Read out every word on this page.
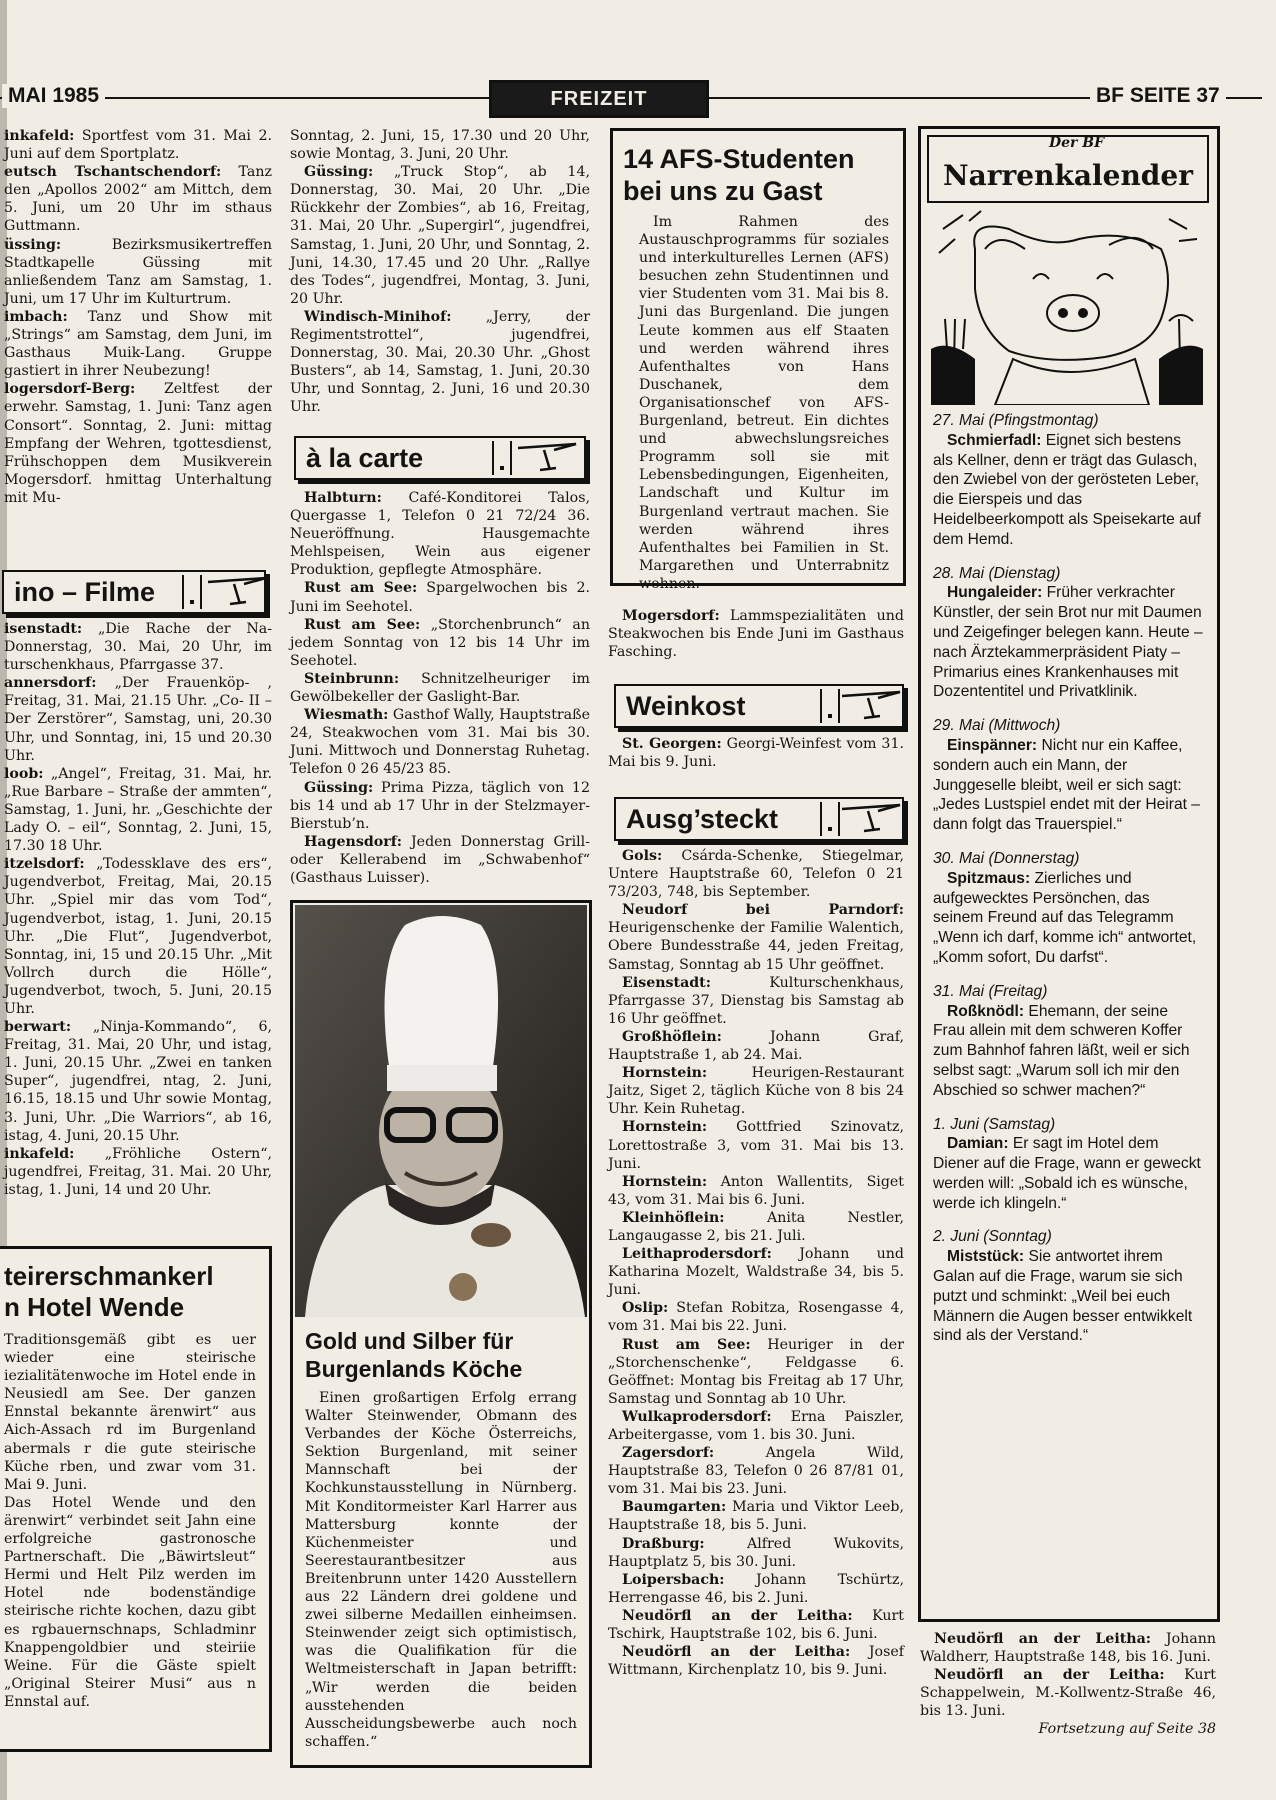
MAI 1985	FREIZEIT	BF SEITE 37

inkafeld: Sportfest vom 31. Mai 2. Juni auf dem Sportplatz.

eutsch Tschantschendorf: Tanz den „Apollos 2002“ am Mittch, dem 5. Juni, um 20 Uhr im sthaus Guttmann.

üssing: Bezirksmusikertreffen Stadtkapelle Güssing mit anließendem Tanz am Samstag, 1. Juni, um 17 Uhr im Kulturtrum.

imbach: Tanz und Show mit „Strings“ am Samstag, dem Juni, im Gasthaus Muik-Lang. Gruppe gastiert in ihrer Neubezung!

logersdorf-Berg: Zeltfest der erwehr. Samstag, 1. Juni: Tanz agen Consort“. Sonntag, 2. Juni: mittag Empfang der Wehren, tgottesdienst, Frühschoppen dem Musikverein Mogersdorf. hmittag Unterhaltung mit Mu-

ino – Filme

isenstadt: „Die Rache der Na- Donnerstag, 30. Mai, 20 Uhr, im turschenkhaus, Pfarrgasse 37.

annersdorf: „Der Frauenköp- , Freitag, 31. Mai, 21.15 Uhr. „Co- II – Der Zerstörer“, Samstag, uni, 20.30 Uhr, und Sonntag, ini, 15 und 20.30 Uhr.

loob: „Angel“, Freitag, 31. Mai, hr. „Rue Barbare – Straße der ammten“, Samstag, 1. Juni, hr. „Geschichte der Lady O. – eil“, Sonntag, 2. Juni, 15, 17.30 18 Uhr.

itzelsdorf: „Todessklave des ers“, Jugendverbot, Freitag, Mai, 20.15 Uhr. „Spiel mir das vom Tod“, Jugendverbot, istag, 1. Juni, 20.15 Uhr. „Die Flut“, Jugendverbot, Sonntag, ini, 15 und 20.15 Uhr. „Mit Vollrch durch die Hölle“, Jugendverbot, twoch, 5. Juni, 20.15 Uhr.

berwart: „Ninja-Kommando“, 6, Freitag, 31. Mai, 20 Uhr, und istag, 1. Juni, 20.15 Uhr. „Zwei en tanken Super“, jugendfrei, ntag, 2. Juni, 16.15, 18.15 und Uhr sowie Montag, 3. Juni, Uhr. „Die Warriors“, ab 16, istag, 4. Juni, 20.15 Uhr.

inkafeld: „Fröhliche Ostern“, jugendfrei, Freitag, 31. Mai. 20 Uhr, istag, 1. Juni, 14 und 20 Uhr.

teirerschmankerl
n Hotel Wende

Traditionsgemäß gibt es uer wieder eine steirische iezialitätenwoche im Hotel ende in Neusiedl am See. Der ganzen Ennstal bekannte ärenwirt“ aus Aich-Assach rd im Burgenland abermals r die gute steirische Küche rben, und zwar vom 31. Mai 9. Juni.

Das Hotel Wende und den ärenwirt“ verbindet seit Jahn eine erfolgreiche gastronosche Partnerschaft. Die „Bäwirtsleut“ Hermi und Helt Pilz werden im Hotel nde bodenständige steirische richte kochen, dazu gibt es rgbauernschnaps, Schladminr Knappengoldbier und steiriie Weine. Für die Gäste spielt „Original Steirer Musi“ aus n Ennstal auf.

Sonntag, 2. Juni, 15, 17.30 und 20 Uhr, sowie Montag, 3. Juni, 20 Uhr.

Güssing: „Truck Stop“, ab 14, Donnerstag, 30. Mai, 20 Uhr. „Die Rückkehr der Zombies“, ab 16, Freitag, 31. Mai, 20 Uhr. „Supergirl“, jugendfrei, Samstag, 1. Juni, 20 Uhr, und Sonntag, 2. Juni, 14.30, 17.45 und 20 Uhr. „Rallye des Todes“, jugendfrei, Montag, 3. Juni, 20 Uhr.

Windisch-Minihof: „Jerry, der Regimentstrottel“, jugendfrei, Donnerstag, 30. Mai, 20.30 Uhr. „Ghost Busters“, ab 14, Samstag, 1. Juni, 20.30 Uhr, und Sonntag, 2. Juni, 16 und 20.30 Uhr.

à la carte

Halbturn: Café-Konditorei Talos, Quergasse 1, Telefon 0 21 72/24 36. Neueröffnung. Hausgemachte Mehlspeisen, Wein aus eigener Produktion, gepflegte Atmosphäre.

Rust am See: Spargelwochen bis 2. Juni im Seehotel.

Rust am See: „Storchenbrunch“ an jedem Sonntag von 12 bis 14 Uhr im Seehotel.

Steinbrunn: Schnitzelheuriger im Gewölbekeller der Gaslight-Bar.

Wiesmath: Gasthof Wally, Hauptstraße 24, Steakwochen vom 31. Mai bis 30. Juni. Mittwoch und Donnerstag Ruhetag. Telefon 0 26 45/23 85.

Güssing: Prima Pizza, täglich von 12 bis 14 und ab 17 Uhr in der Stelzmayer-Bierstub’n.

Hagensdorf: Jeden Donnerstag Grill- oder Kellerabend im „Schwabenhof“ (Gasthaus Luisser).

Gold und Silber für
Burgenlands Köche

Einen großartigen Erfolg errang Walter Steinwender, Obmann des Verbandes der Köche Österreichs, Sektion Burgenland, mit seiner Mannschaft bei der Kochkunstausstellung in Nürnberg. Mit Konditormeister Karl Harrer aus Mattersburg konnte der Küchenmeister und Seerestaurantbesitzer aus Breitenbrunn unter 1420 Ausstellern aus 22 Ländern drei goldene und zwei silberne Medaillen einheimsen. Steinwender zeigt sich optimistisch, was die Qualifikation für die Weltmeisterschaft in Japan betrifft: „Wir werden die beiden ausstehenden Ausscheidungsbewerbe auch noch schaffen.“

14 AFS-Studenten
bei uns zu Gast

Im Rahmen des Austauschprogramms für soziales und interkulturelles Lernen (AFS) besuchen zehn Studentinnen und vier Studenten vom 31. Mai bis 8. Juni das Burgenland. Die jungen Leute kommen aus elf Staaten und werden während ihres Aufenthaltes von Hans Duschanek, dem Organisationschef von AFS-Burgenland, betreut. Ein dichtes und abwechslungsreiches Programm soll sie mit Lebensbedingungen, Eigenheiten, Landschaft und Kultur im Burgenland vertraut machen. Sie werden während ihres Aufenthaltes bei Familien in St. Margarethen und Unterrabnitz wohnen.

Mogersdorf: Lammspezialitäten und Steakwochen bis Ende Juni im Gasthaus Fasching.

Weinkost

St. Georgen: Georgi-Weinfest vom 31. Mai bis 9. Juni.

Ausg’steckt

Gols: Csárda-Schenke, Stiegelmar, Untere Hauptstraße 60, Telefon 0 21 73/203, 748, bis September.

Neudorf bei Parndorf: Heurigenschenke der Familie Walentich, Obere Bundesstraße 44, jeden Freitag, Samstag, Sonntag ab 15 Uhr geöffnet.

Eisenstadt: Kulturschenkhaus, Pfarrgasse 37, Dienstag bis Samstag ab 16 Uhr geöffnet.

Großhöflein: Johann Graf, Hauptstraße 1, ab 24. Mai.

Hornstein: Heurigen-Restaurant Jaitz, Siget 2, täglich Küche von 8 bis 24 Uhr. Kein Ruhetag.

Hornstein: Gottfried Szinovatz, Lorettostraße 3, vom 31. Mai bis 13. Juni.

Hornstein: Anton Wallentits, Siget 43, vom 31. Mai bis 6. Juni.

Kleinhöflein: Anita Nestler, Langaugasse 2, bis 21. Juli.

Leithaprodersdorf: Johann und Katharina Mozelt, Waldstraße 34, bis 5. Juni.

Oslip: Stefan Robitza, Rosengasse 4, vom 31. Mai bis 22. Juni.

Rust am See: Heuriger in der „Storchenschenke“, Feldgasse 6. Geöffnet: Montag bis Freitag ab 17 Uhr, Samstag und Sonntag ab 10 Uhr.

Wulkaprodersdorf: Erna Paiszler, Arbeitergasse, vom 1. bis 30. Juni.

Zagersdorf: Angela Wild, Hauptstraße 83, Telefon 0 26 87/81 01, vom 31. Mai bis 23. Juni.

Baumgarten: Maria und Viktor Leeb, Hauptstraße 18, bis 5. Juni.

Draßburg: Alfred Wukovits, Hauptplatz 5, bis 30. Juni.

Loipersbach: Johann Tschürtz, Herrengasse 46, bis 2. Juni.

Neudörfl an der Leitha: Kurt Tschirk, Hauptstraße 102, bis 6. Juni.

Neudörfl an der Leitha: Josef Wittmann, Kirchenplatz 10, bis 9. Juni.

Der BF
Narrenkalender

27. Mai (Pfingstmontag)

Schmierfadl: Eignet sich bestens als Kellner, denn er trägt das Gulasch, den Zwiebel von der gerösteten Leber, die Eierspeis und das Heidelbeerkompott als Speisekarte auf dem Hemd.

28. Mai (Dienstag)

Hungaleider: Früher verkrachter Künstler, der sein Brot nur mit Daumen und Zeigefinger belegen kann. Heute – nach Ärztekammerpräsident Piaty – Primarius eines Krankenhauses mit Dozententitel und Privatklinik.

29. Mai (Mittwoch)

Einspänner: Nicht nur ein Kaffee, sondern auch ein Mann, der Junggeselle bleibt, weil er sich sagt: „Jedes Lustspiel endet mit der Heirat – dann folgt das Trauerspiel.“

30. Mai (Donnerstag)

Spitzmaus: Zierliches und aufgewecktes Persönchen, das seinem Freund auf das Telegramm „Wenn ich darf, komme ich“ antwortet, „Komm sofort, Du darfst“.

31. Mai (Freitag)

Roßknödl: Ehemann, der seine Frau allein mit dem schweren Koffer zum Bahnhof fahren läßt, weil er sich selbst sagt: „Warum soll ich mir den Abschied so schwer machen?“

1. Juni (Samstag)

Damian: Er sagt im Hotel dem Diener auf die Frage, wann er geweckt werden will: „Sobald ich es wünsche, werde ich klingeln.“

2. Juni (Sonntag)

Miststück: Sie antwortet ihrem Galan auf die Frage, warum sie sich putzt und schminkt: „Weil bei euch Männern die Augen besser entwikkelt sind als der Verstand.“

Neudörfl an der Leitha: Johann Waldherr, Hauptstraße 148, bis 16. Juni.

Neudörfl an der Leitha: Kurt Schappelwein, M.-Kollwentz-Straße 46, bis 13. Juni.

Fortsetzung auf Seite 38
